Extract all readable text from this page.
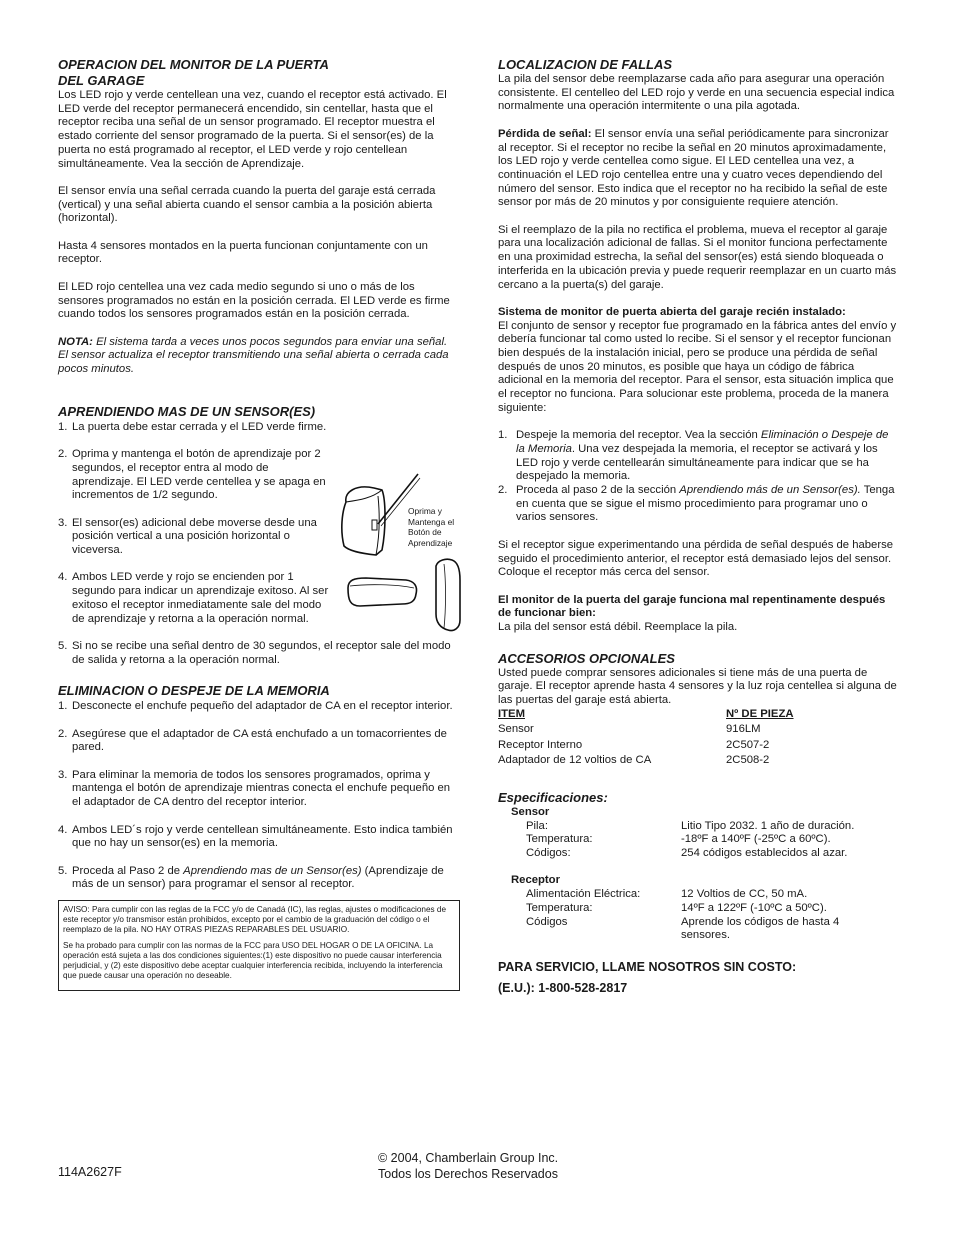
OPERACION DEL MONITOR DE LA PUERTA
DEL GARAGE

Los LED rojo y verde centellean una vez, cuando el receptor está activado. El LED verde del receptor permanecerá encendido, sin centellar, hasta que el receptor reciba una señal de un sensor programado. El receptor muestra el estado corriente del sensor programado de la puerta. Si el sensor(es) de la puerta no está programado al receptor, el LED verde y rojo centellean simultáneamente. Vea la sección de Aprendizaje.

El sensor envía una señal cerrada cuando la puerta del garaje está cerrada (vertical) y una señal abierta cuando el sensor cambia a la posición abierta (horizontal).

Hasta 4 sensores montados en la puerta funcionan conjuntamente con un receptor.

El LED rojo centellea una vez cada medio segundo si uno o más de los sensores programados no están en la posición cerrada. El LED verde es firme cuando todos los sensores programados están en la posición cerrada.

NOTA: El sistema tarda a veces unos pocos segundos para enviar una señal. El sensor actualiza el receptor transmitiendo una señal abierta o cerrada cada pocos minutos.

APRENDIENDO MAS DE UN SENSOR(ES)
1. La puerta debe estar cerrada y el LED verde firme.
2. Oprima y mantenga el botón de aprendizaje por 2 segundos, el receptor entra al modo de aprendizaje. El LED verde centellea y se apaga en incrementos de 1/2 segundo.
3. El sensor(es) adicional debe moverse desde una posición vertical a una posición horizontal o viceversa.
4. Ambos LED verde y rojo se encienden por 1 segundo para indicar un aprendizaje exitoso. Al ser exitoso el receptor inmediatamente sale del modo de aprendizaje y retorna a la operación normal.
5. Si no se recibe una señal dentro de 30 segundos, el receptor sale del modo de salida y retorna a la operación normal.
ELIMINACION O DESPEJE DE LA MEMORIA
1. Desconecte el enchufe pequeño del adaptador de CA en el receptor interior.
2. Asegúrese que el adaptador de CA está enchufado a un tomacorrientes de pared.
3. Para eliminar la memoria de todos los sensores programados, oprima y mantenga el botón de aprendizaje mientras conecta el enchufe pequeño en el adaptador de CA dentro del receptor interior.
4. Ambos LED´s rojo y verde centellean simultáneamente. Esto indica también que no hay un sensor(es) en la memoria.
5. Proceda al Paso 2 de Aprendiendo mas de un Sensor(es) (Aprendizaje de más de un sensor) para programar el sensor al receptor.

AVISO: Para cumplir con las reglas de la FCC y/o de Canadá (IC), las reglas, ajustes o modificaciones de este receptor y/o transmisor están prohibidos, excepto por el cambio de la graduación del código o el reemplazo de la pila. NO HAY OTRAS PIEZAS REPARABLES DEL USUARIO.

Se ha probado para cumplir con las normas de la FCC para USO DEL HOGAR O DE LA OFICINA. La operación está sujeta a las dos condiciones siguientes:(1) este dispositivo no puede causar interferencia perjudicial, y (2) este dispositivo debe aceptar cualquier interferencia recibida, incluyendo la interferencia que puede causar una operación no deseable.

Oprima y Mantenga el Botón de Aprendizaje
LOCALIZACION DE FALLAS

La pila del sensor debe reemplazarse cada año para asegurar una operación consistente. El centelleo del LED rojo y verde en una secuencia especial indica normalmente una operación intermitente o una pila agotada.

Pérdida de señal: El sensor envía una señal periódicamente para sincronizar al receptor. Si el receptor no recibe la señal en 20 minutos aproximadamente, los LED rojo y verde centellea como sigue. El LED centellea una vez, a continuación el LED rojo centellea entre una y cuatro veces dependiendo del número del sensor. Esto indica que el receptor no ha recibido la señal de este sensor por más de 20 minutos y por consiguiente requiere atención.

Si el reemplazo de la pila no rectifica el problema, mueva el receptor al garaje para una localización adicional de fallas. Si el monitor funciona perfectamente en una proximidad estrecha, la señal del sensor(es) está siendo bloqueada o interferida en la ubicación previa y puede requerir reemplazar en un cuarto más cercano a la puerta(s) del garaje.

Sistema de monitor de puerta abierta del garaje recién instalado:
El conjunto de sensor y receptor fue programado en la fábrica antes del envío y debería funcionar tal como usted lo recibe. Si el sensor y el receptor funcionan bien después de la instalación inicial, pero se produce una pérdida de señal después de unos 20 minutos, es posible que haya un código de fábrica adicional en la memoria del receptor. Para el sensor, esta situación implica que el receptor no funciona. Para solucionar este problema, proceda de la manera siguiente:

1. Despeje la memoria del receptor. Vea la sección Eliminación o Despeje de la Memoria. Una vez despejada la memoria, el receptor se activará y los LED rojo y verde centellearán simultáneamente para indicar que se ha despejado la memoria.
2. Proceda al paso 2 de la sección Aprendiendo más de un Sensor(es). Tenga en cuenta que se sigue el mismo procedimiento para programar uno o varios sensores.

Si el receptor sigue experimentando una pérdida de señal después de haberse seguido el procedimiento anterior, el receptor está demasiado lejos del sensor. Coloque el receptor más cerca del sensor.

El monitor de la puerta del garaje funciona mal repentinamente después de funcionar bien:
La pila del sensor está débil. Reemplace la pila.

ACCESORIOS OPCIONALES

Usted puede comprar sensores adicionales si tiene más de una puerta de garaje. El receptor aprende hasta 4 sensores y la luz roja centellea si alguna de las puertas del garaje está abierta.

ITEM	Nº DE PIEZA
Sensor	916LM
Receptor Interno	2C507-2
Adaptador de 12 voltios de CA	2C508-2
Especificaciones:
Sensor
Pila:	Litio Tipo 2032. 1 año de duración.
Temperatura:	-18ºF a 140ºF (-25ºC a 60ºC).
Códigos:	254 códigos establecidos al azar.
Receptor
Alimentación Eléctrica:	12 Voltios de CC, 50 mA.
Temperatura:	14ºF a 122ºF (-10ºC a 50ºC).
Códigos	Aprende los códigos de hasta 4 sensores.
PARA SERVICIO, LLAME NOSOTROS SIN COSTO:
(E.U.): 1-800-528-2817
114A2627F
© 2004, Chamberlain Group Inc.
Todos los Derechos Reservados
